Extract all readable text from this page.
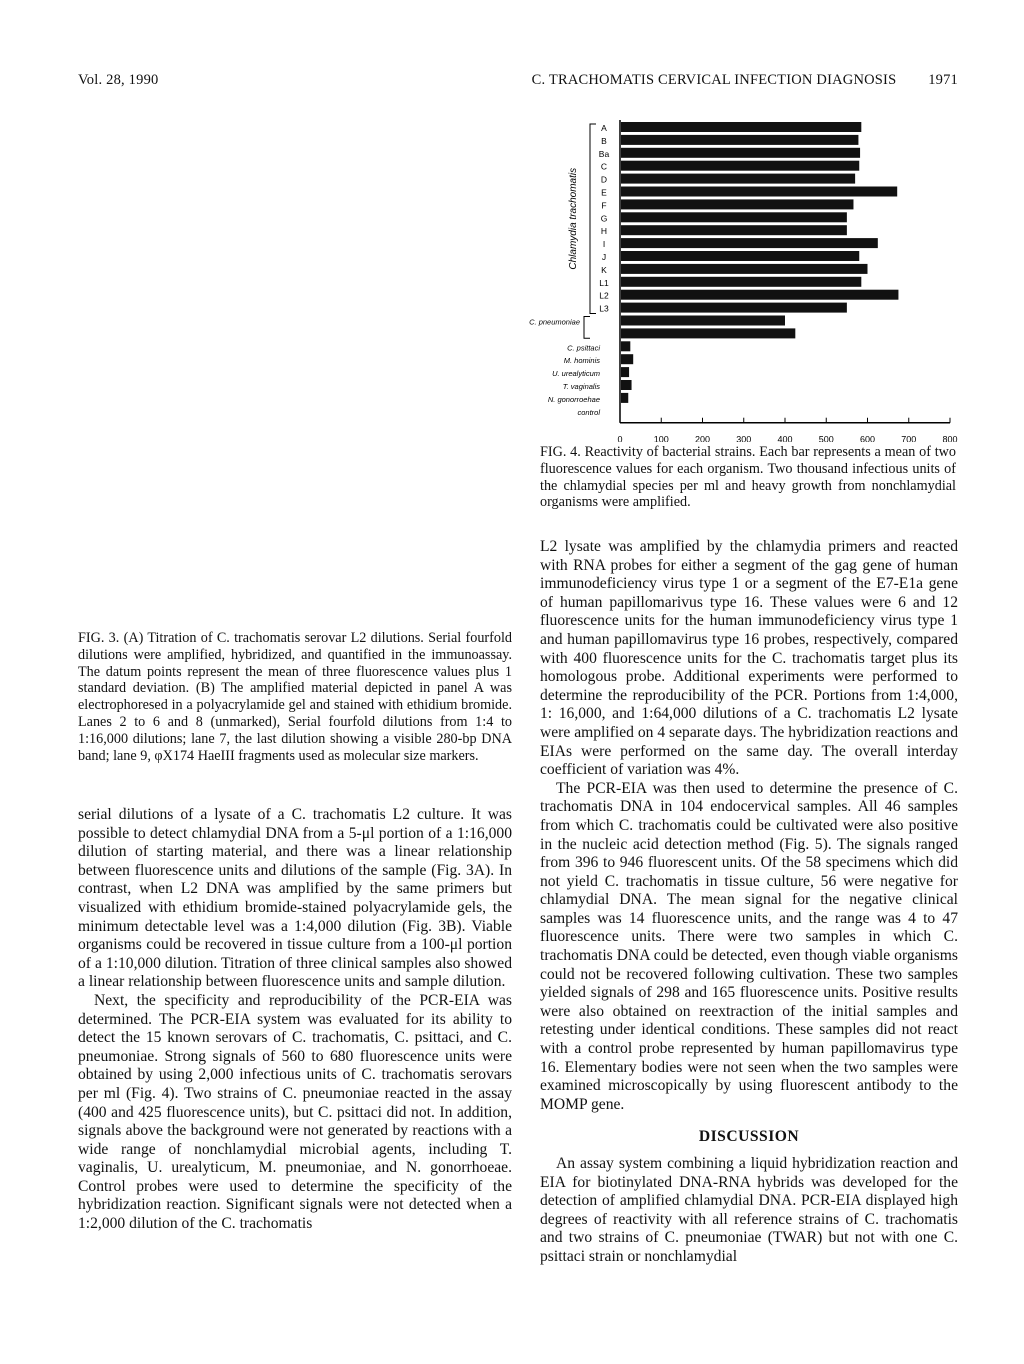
Vol. 28, 1990	C. TRACHOMATIS CERVICAL INFECTION DIAGNOSIS 1971
A
B
Ba
C
D
E
F
G
H
I
J
K
L1
L2
L3
C. pneumoniae
C. psittaci
M. hominis
U. urealyticum
T. vaginalis
N. gonorroehae
control
Chlamydia trachomatis
0	100	200	300	400	500	600	700	800
FIG. 4. Reactivity of bacterial strains. Each bar represents a mean of two fluorescence values for each organism. Two thousand infectious units of the chlamydial species per ml and heavy growth from nonchlamydial organisms were amplified.
FIG. 3. (A) Titration of C. trachomatis serovar L2 dilutions. Serial fourfold dilutions were amplified, hybridized, and quantified in the immunoassay. The datum points represent the mean of three fluorescence values plus 1 standard deviation. (B) The amplified material depicted in panel A was electrophoresed in a polyacrylamide gel and stained with ethidium bromide. Lanes 2 to 6 and 8 (unmarked), Serial fourfold dilutions from 1:4 to 1:16,000 dilutions; lane 7, the last dilution showing a visible 280-bp DNA band; lane 9, φX174 HaeIII fragments used as molecular size markers.

serial dilutions of a lysate of a C. trachomatis L2 culture. It was possible to detect chlamydial DNA from a 5-μl portion of a 1:16,000 dilution of starting material, and there was a linear relationship between fluorescence units and dilutions of the sample (Fig. 3A). In contrast, when L2 DNA was amplified by the same primers but visualized with ethidium bromide-stained polyacrylamide gels, the minimum detectable level was a 1:4,000 dilution (Fig. 3B). Viable organisms could be recovered in tissue culture from a 100-μl portion of a 1:10,000 dilution. Titration of three clinical samples also showed a linear relationship between fluorescence units and sample dilution.

Next, the specificity and reproducibility of the PCR-EIA was determined. The PCR-EIA system was evaluated for its ability to detect the 15 known serovars of C. trachomatis, C. psittaci, and C. pneumoniae. Strong signals of 560 to 680 fluorescence units were obtained by using 2,000 infectious units of C. trachomatis serovars per ml (Fig. 4). Two strains of C. pneumoniae reacted in the assay (400 and 425 fluorescence units), but C. psittaci did not. In addition, signals above the background were not generated by reactions with a wide range of nonchlamydial microbial agents, including T. vaginalis, U. urealyticum, M. pneumoniae, and N. gonorrhoeae. Control probes were used to determine the specificity of the hybridization reaction. Significant signals were not detected when a 1:2,000 dilution of the C. trachomatis

L2 lysate was amplified by the chlamydia primers and reacted with RNA probes for either a segment of the gag gene of human immunodeficiency virus type 1 or a segment of the E7-E1a gene of human papillomarivus type 16. These values were 6 and 12 fluorescence units for the human immunodeficiency virus type 1 and human papillomavirus type 16 probes, respectively, compared with 400 fluorescence units for the C. trachomatis target plus its homologous probe. Additional experiments were performed to determine the reproducibility of the PCR. Portions from 1:4,000, 1: 16,000, and 1:64,000 dilutions of a C. trachomatis L2 lysate were amplified on 4 separate days. The hybridization reactions and EIAs were performed on the same day. The overall interday coefficient of variation was 4%.

The PCR-EIA was then used to determine the presence of C. trachomatis DNA in 104 endocervical samples. All 46 samples from which C. trachomatis could be cultivated were also positive in the nucleic acid detection method (Fig. 5). The signals ranged from 396 to 946 fluorescent units. Of the 58 specimens which did not yield C. trachomatis in tissue culture, 56 were negative for chlamydial DNA. The mean signal for the negative clinical samples was 14 fluorescence units, and the range was 4 to 47 fluorescence units. There were two samples in which C. trachomatis DNA could be detected, even though viable organisms could not be recovered following cultivation. These two samples yielded signals of 298 and 165 fluorescence units. Positive results were also obtained on reextraction of the initial samples and retesting under identical conditions. These samples did not react with a control probe represented by human papillomavirus type 16. Elementary bodies were not seen when the two samples were examined microscopically by using fluorescent antibody to the MOMP gene.

DISCUSSION

An assay system combining a liquid hybridization reaction and EIA for biotinylated DNA-RNA hybrids was developed for the detection of amplified chlamydial DNA. PCR-EIA displayed high degrees of reactivity with all reference strains of C. trachomatis and two strains of C. pneumoniae (TWAR) but not with one C. psittaci strain or nonchlamydial
